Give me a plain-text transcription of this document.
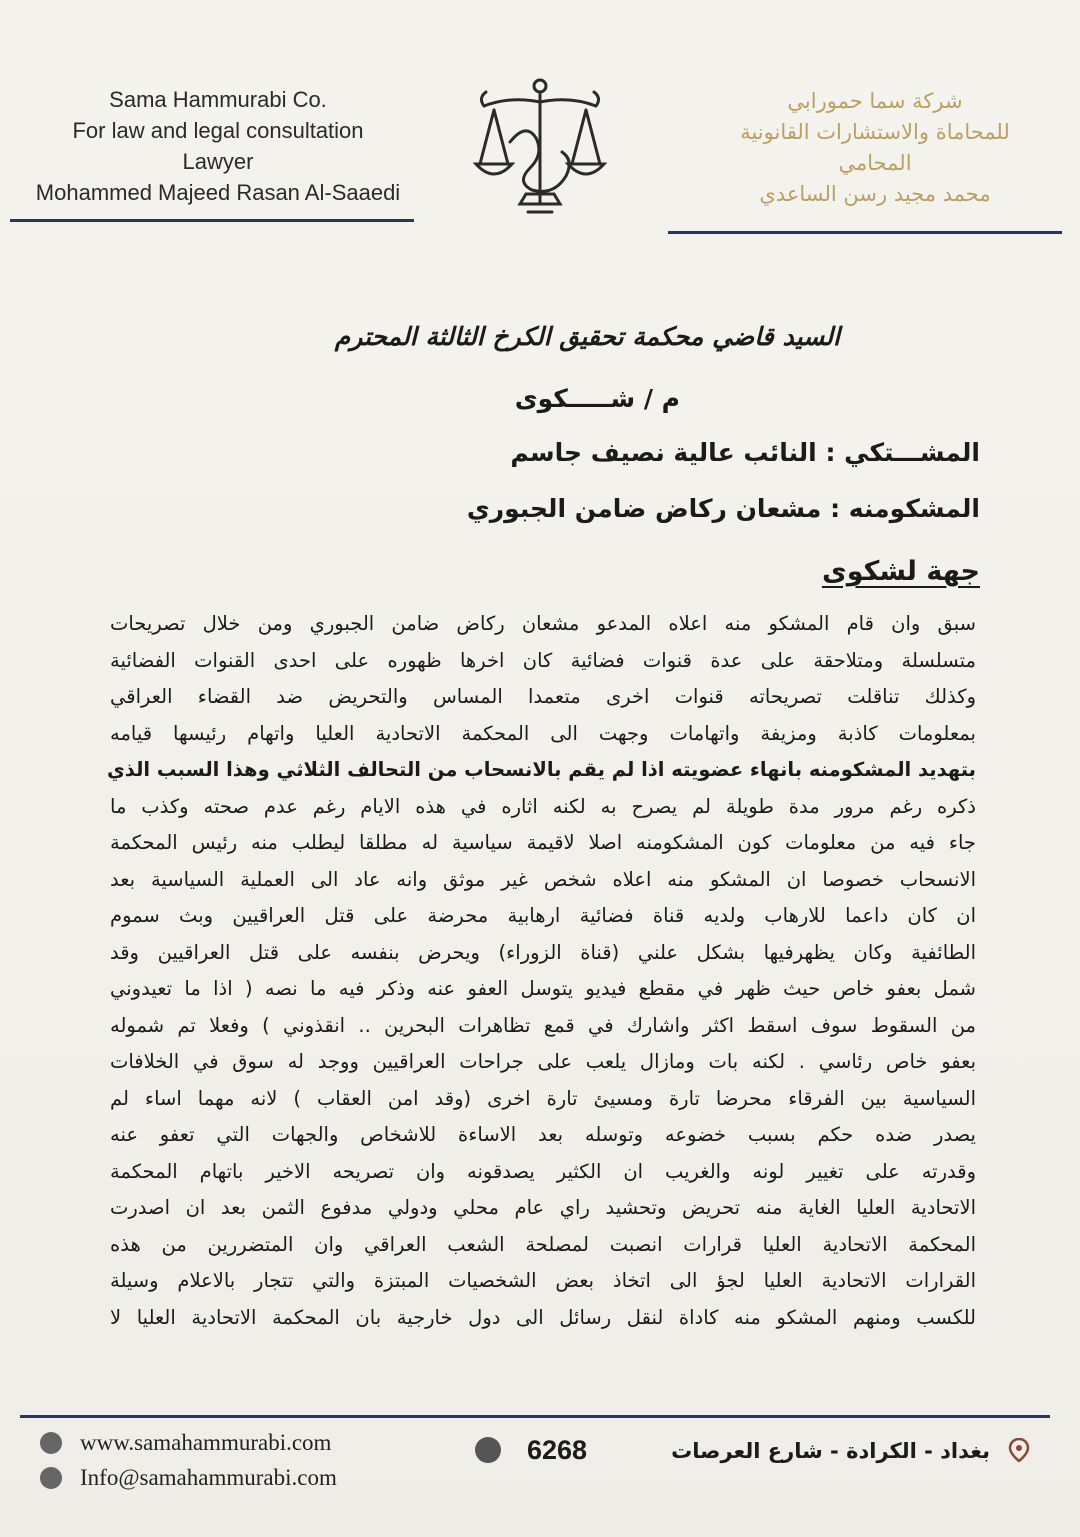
Sama Hammurabi Co.
For law and legal consultation
Lawyer
Mohammed Majeed Rasan Al-Saaedi
شركة سما حمورابي
للمحاماة والاستشارات القانونية
المحامي
محمد مجيد رسن الساعدي
السيد قاضي محكمة تحقيق الكرخ الثالثة المحترم
م / شـــــكوى
المشـــتكي : النائب عالية نصيف جاسم
المشكومنه : مشعان ركاض ضامن الجبوري
جهة لشكوى
سبق وان قام المشكو منه اعلاه المدعو مشعان ركاض ضامن الجبوري ومن خلال تصريحات
متسلسلة ومتلاحقة على عدة قنوات فضائية كان اخرها ظهوره على احدى القنوات الفضائية
وكذلك تناقلت تصريحاته قنوات اخرى متعمدا المساس والتحريض ضد القضاء العراقي
بمعلومات كاذبة ومزيفة واتهامات وجهت الى المحكمة الاتحادية العليا واتهام رئيسها قيامه
بتهديد المشكومنه بانهاء عضويته اذا لم يقم بالانسحاب من التحالف الثلاثي وهذا السبب الذي
ذكره رغم مرور مدة طويلة لم يصرح به لكنه اثاره في هذه الايام رغم عدم صحته وكذب ما
جاء فيه من معلومات كون المشكومنه اصلا لاقيمة سياسية له مطلقا ليطلب منه رئيس المحكمة
الانسحاب خصوصا ان المشكو منه اعلاه شخص غير موثق وانه عاد الى العملية السياسية بعد
ان كان داعما للارهاب ولديه قناة فضائية ارهابية محرضة على قتل العراقيين وبث سموم
الطائفية وكان يظهرفيها بشكل علني (قناة الزوراء) ويحرض بنفسه على قتل العراقيين وقد
شمل بعفو خاص حيث ظهر في مقطع فيديو يتوسل العفو عنه وذكر فيه ما نصه ( اذا ما تعيدوني
من السقوط سوف اسقط اكثر واشارك في قمع تظاهرات البحرين .. انقذوني ) وفعلا تم شموله
بعفو خاص رئاسي . لكنه بات ومازال يلعب على جراحات العراقيين ووجد له سوق في الخلافات
السياسية بين الفرقاء محرضا تارة ومسيئ تارة اخرى (وقد امن العقاب ) لانه مهما اساء لم
يصدر ضده حكم بسبب خضوعه وتوسله بعد الاساءة للاشخاص والجهات التي تعفو عنه
وقدرته على تغيير لونه والغريب ان الكثير يصدقونه وان تصريحه الاخير باتهام المحكمة
الاتحادية العليا الغاية منه تحريض وتحشيد راي عام محلي ودولي مدفوع الثمن بعد ان اصدرت
المحكمة الاتحادية العليا قرارات انصبت لمصلحة الشعب العراقي وان المتضررين من هذه
القرارات الاتحادية العليا لجؤ الى اتخاذ بعض الشخصيات المبتزة والتي تتجار بالاعلام وسيلة
للكسب ومنهم المشكو منه كاداة لنقل رسائل الى دول خارجية بان المحكمة الاتحادية العليا لا
www.samahammurabi.com
Info@samahammurabi.com
6268	بغداد - الكرادة - شارع العرصات
